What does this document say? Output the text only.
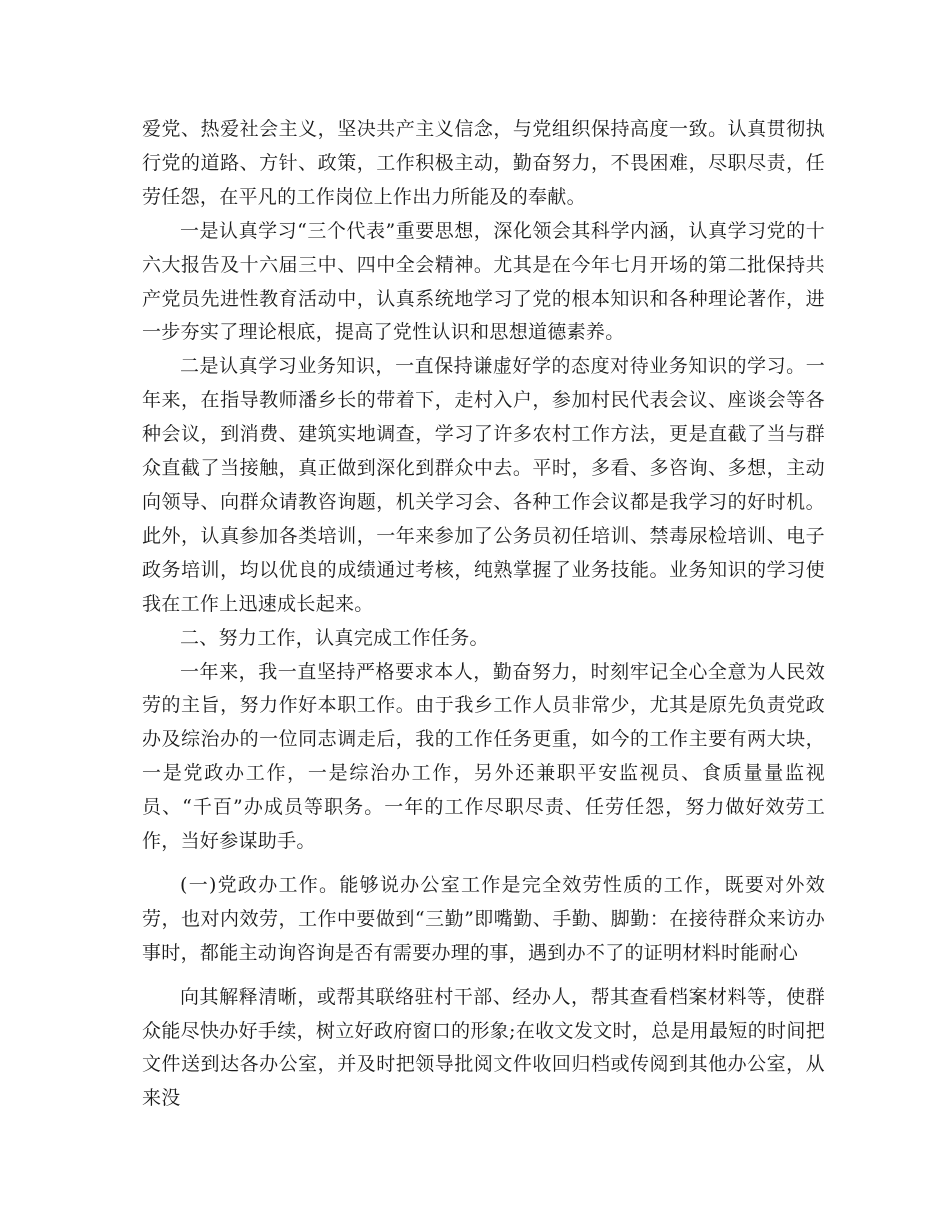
爱党、热爱社会主义，坚决共产主义信念，与党组织保持高度一致。认真贯彻执行党的道路、方针、政策，工作积极主动，勤奋努力，不畏困难，尽职尽责，任劳任怨，在平凡的工作岗位上作出力所能及的奉献。

一是认真学习“三个代表”重要思想，深化领会其科学内涵，认真学习党的十六大报告及十六届三中、四中全会精神。尤其是在今年七月开场的第二批保持共产党员先进性教育活动中，认真系统地学习了党的根本知识和各种理论著作，进一步夯实了理论根底，提高了党性认识和思想道德素养。

二是认真学习业务知识，一直保持谦虚好学的态度对待业务知识的学习。一年来，在指导教师潘乡长的带着下，走村入户，参加村民代表会议、座谈会等各种会议，到消费、建筑实地调查，学习了许多农村工作方法，更是直截了当与群众直截了当接触，真正做到深化到群众中去。平时，多看、多咨询、多想，主动向领导、向群众请教咨询题，机关学习会、各种工作会议都是我学习的好时机。此外，认真参加各类培训，一年来参加了公务员初任培训、禁毒尿检培训、电子政务培训，均以优良的成绩通过考核，纯熟掌握了业务技能。业务知识的学习使我在工作上迅速成长起来。

二、努力工作，认真完成工作任务。

一年来，我一直坚持严格要求本人，勤奋努力，时刻牢记全心全意为人民效劳的主旨，努力作好本职工作。由于我乡工作人员非常少，尤其是原先负责党政办及综治办的一位同志调走后，我的工作任务更重，如今的工作主要有两大块，一是党政办工作，一是综治办工作，另外还兼职平安监视员、食质量量监视员、“千百”办成员等职务。一年的工作尽职尽责、任劳任怨，努力做好效劳工作，当好参谋助手。

(一)党政办工作。能够说办公室工作是完全效劳性质的工作，既要对外效劳，也对内效劳，工作中要做到“三勤”即嘴勤、手勤、脚勤：在接待群众来访办事时，都能主动询咨询是否有需要办理的事，遇到办不了的证明材料时能耐心

向其解释清晰，或帮其联络驻村干部、经办人，帮其查看档案材料等，使群众能尽快办好手续，树立好政府窗口的形象;在收文发文时，总是用最短的时间把文件送到达各办公室，并及时把领导批阅文件收回归档或传阅到其他办公室，从来没
